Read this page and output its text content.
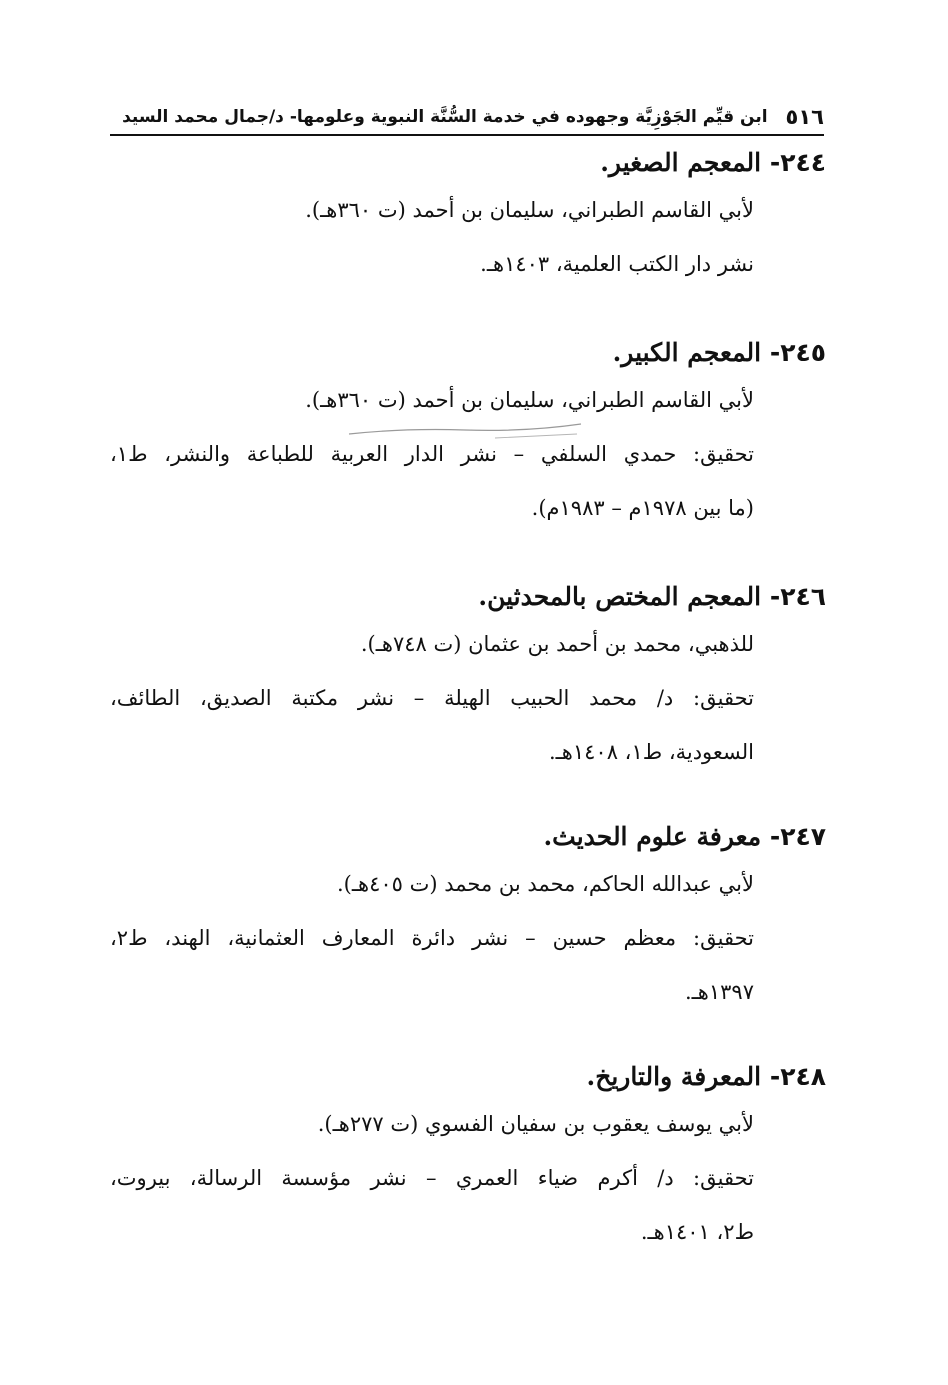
٥١٦
ابن قيِّم الجَوْزِيَّة وجهوده في خدمة السُّنَّة النبوية وعلومها- د/جمال محمد السيد
٢٤٤- المعجم الصغير.
لأبي القاسم الطبراني، سليمان بن أحمد (ت ٣٦٠هـ).
نشر دار الكتب العلمية، ١٤٠٣هـ.
٢٤٥- المعجم الكبير.
لأبي القاسم الطبراني، سليمان بن أحمد (ت ٣٦٠هـ).
تحقيق: حمدي السلفي – نشر الدار العربية للطباعة والنشر، ط١،
(ما بين ١٩٧٨م – ١٩٨٣م).
٢٤٦- المعجم المختص بالمحدثين.
للذهبي، محمد بن أحمد بن عثمان (ت ٧٤٨هـ).
تحقيق: د/ محمد الحبيب الهيلة – نشر مكتبة الصديق، الطائف،
السعودية، ط١، ١٤٠٨هـ.
٢٤٧- معرفة علوم الحديث.
لأبي عبدالله الحاكم، محمد بن محمد (ت ٤٠٥هـ).
تحقيق: معظم حسين – نشر دائرة المعارف العثمانية، الهند، ط٢،
١٣٩٧هـ.
٢٤٨- المعرفة والتاريخ.
لأبي يوسف يعقوب بن سفيان الفسوي (ت ٢٧٧هـ).
تحقيق: د/ أكرم ضياء العمري – نشر مؤسسة الرسالة، بيروت،
ط٢، ١٤٠١هـ.
